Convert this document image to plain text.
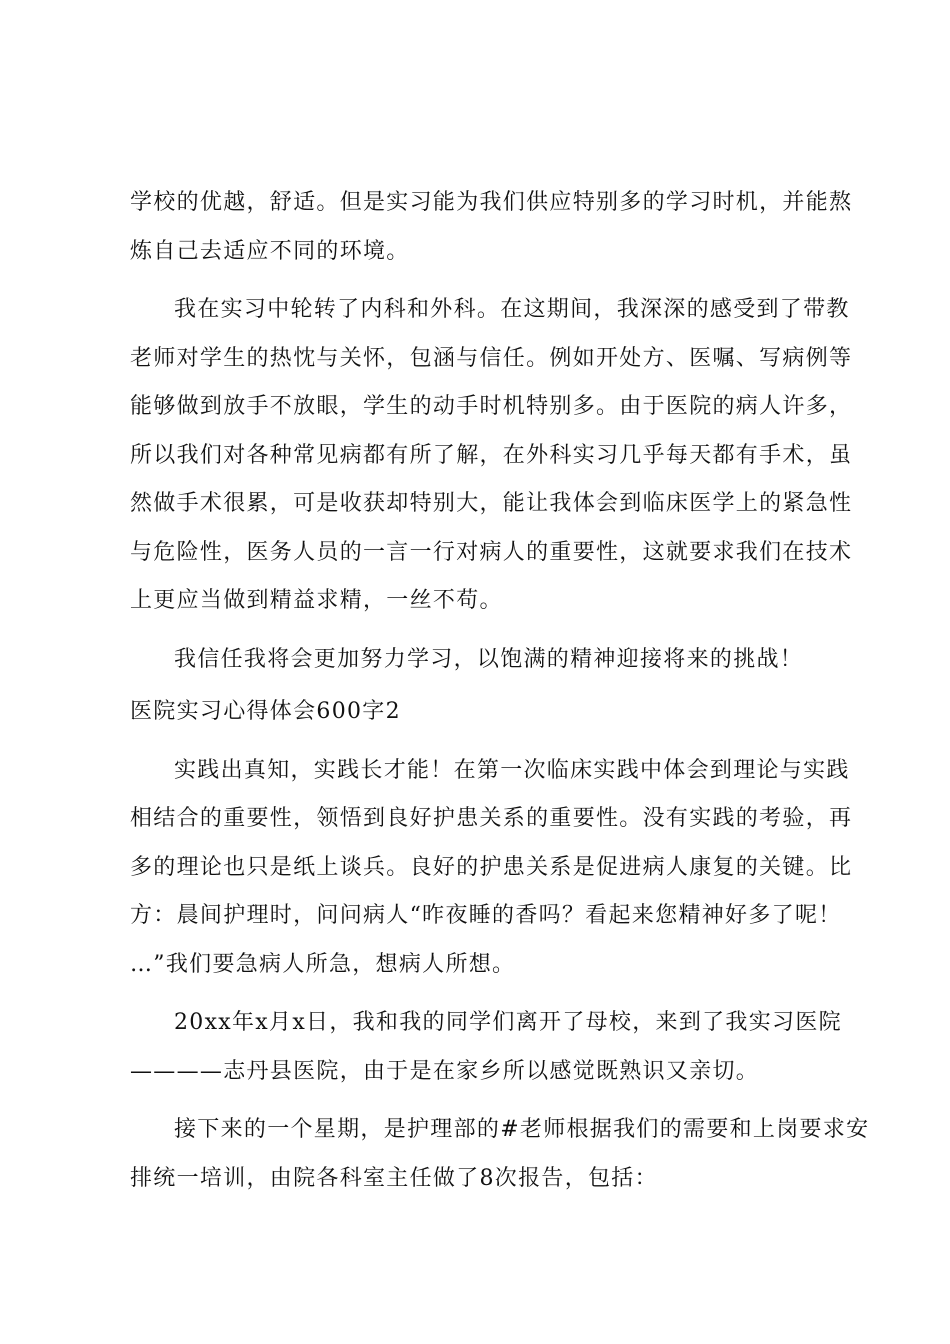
学校的优越，舒适。但是实习能为我们供应特别多的学习时机，并能熬
炼自己去适应不同的环境。
我在实习中轮转了内科和外科。在这期间，我深深的感受到了带教
老师对学生的热忱与关怀，包涵与信任。例如开处方、医嘱、写病例等
能够做到放手不放眼，学生的动手时机特别多。由于医院的病人许多，
所以我们对各种常见病都有所了解，在外科实习几乎每天都有手术，虽
然做手术很累，可是收获却特别大，能让我体会到临床医学上的紧急性
与危险性，医务人员的一言一行对病人的重要性，这就要求我们在技术
上更应当做到精益求精，一丝不苟。
我信任我将会更加努力学习，以饱满的精神迎接将来的挑战！
医院实习心得体会600字2
实践出真知，实践长才能！在第一次临床实践中体会到理论与实践
相结合的重要性，领悟到良好护患关系的重要性。没有实践的考验，再
多的理论也只是纸上谈兵。良好的护患关系是促进病人康复的关键。比
方：晨间护理时，问问病人“昨夜睡的香吗？看起来您精神好多了呢！
…”我们要急病人所急，想病人所想。
20xx年x月x日，我和我的同学们离开了母校，来到了我实习医院
————志丹县医院，由于是在家乡所以感觉既熟识又亲切。
接下来的一个星期，是护理部的#老师根据我们的需要和上岗要求安
排统一培训，由院各科室主任做了8次报告，包括：
